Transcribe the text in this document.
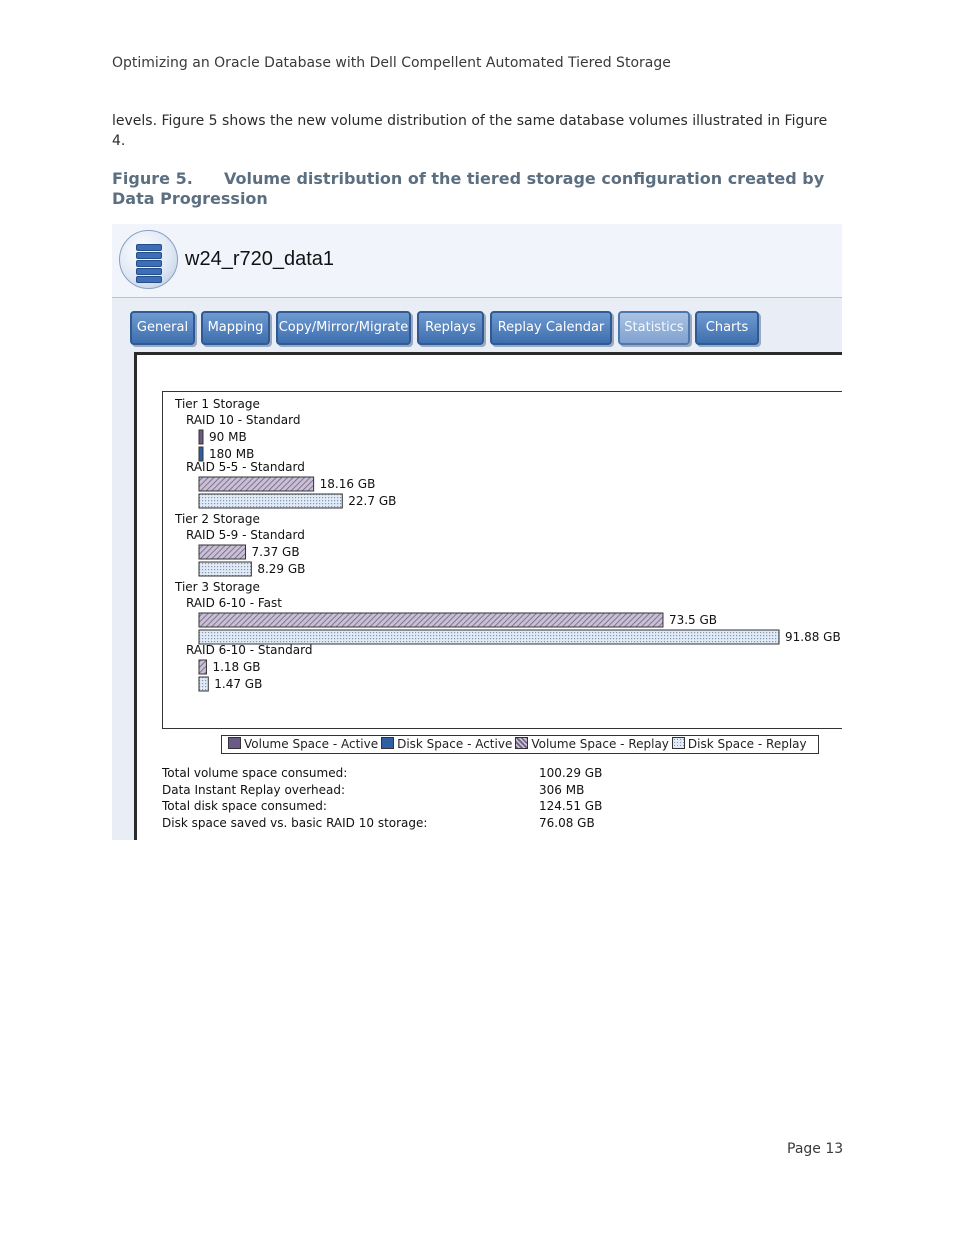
Optimizing an Oracle Database with Dell Compellent Automated Tiered Storage
levels. Figure 5 shows the new volume distribution of the same database volumes illustrated in Figure 4.
Figure 5. Volume distribution of the tiered storage configuration created by Data Progression
w24_r720_data1
General	Mapping	Copy/Mirror/Migrate	Replays	Replay Calendar	Statistics	Charts
Tier 1 Storage
RAID 10 - Standard
90 MB
180 MB
RAID 5-5 - Standard
18.16 GB
22.7 GB
Tier 2 Storage
RAID 5-9 - Standard
7.37 GB
8.29 GB
Tier 3 Storage
RAID 6-10 - Fast
73.5 GB
91.88 GB
RAID 6-10 - Standard
1.18 GB
1.47 GB
Volume Space - Active Disk Space - Active Volume Space - Replay Disk Space - Replay
Total volume space consumed:	100.29 GB
Data Instant Replay overhead:	306 MB
Total disk space consumed:	124.51 GB
Disk space saved vs. basic RAID 10 storage:	76.08 GB
Page 13
